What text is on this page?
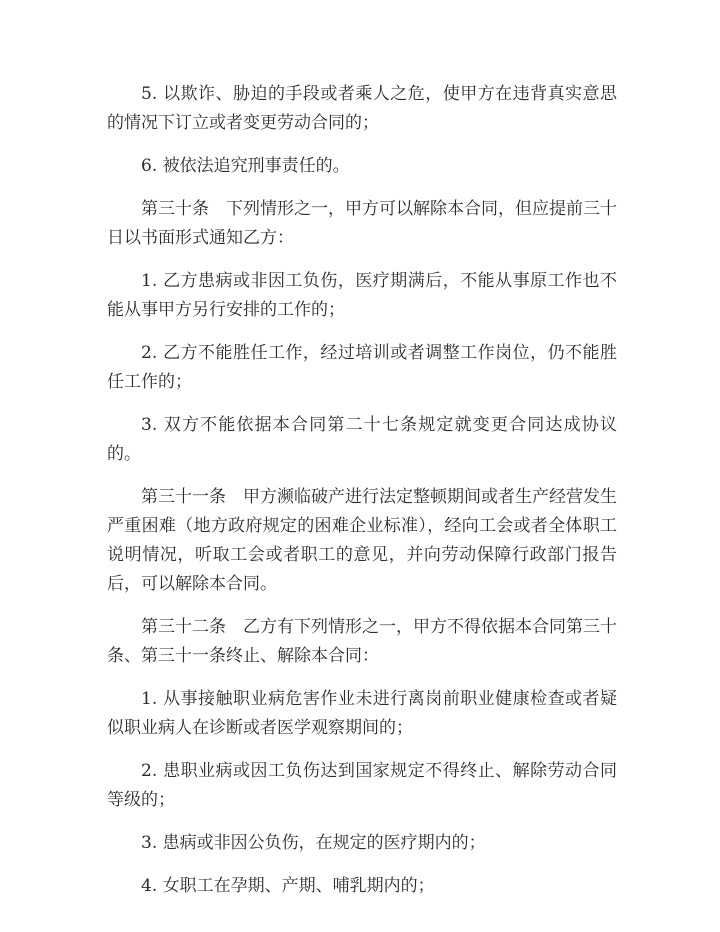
5. 以欺诈、胁迫的手段或者乘人之危，使甲方在违背真实意思的情况下订立或者变更劳动合同的；

6. 被依法追究刑事责任的。

第三十条　下列情形之一，甲方可以解除本合同，但应提前三十日以书面形式通知乙方：

1. 乙方患病或非因工负伤，医疗期满后，不能从事原工作也不能从事甲方另行安排的工作的；

2. 乙方不能胜任工作，经过培训或者调整工作岗位，仍不能胜任工作的；

3. 双方不能依据本合同第二十七条规定就变更合同达成协议的。

第三十一条　甲方濒临破产进行法定整顿期间或者生产经营发生严重困难（地方政府规定的困难企业标准），经向工会或者全体职工说明情况，听取工会或者职工的意见，并向劳动保障行政部门报告后，可以解除本合同。

第三十二条　乙方有下列情形之一，甲方不得依据本合同第三十条、第三十一条终止、解除本合同：

1. 从事接触职业病危害作业未进行离岗前职业健康检查或者疑似职业病人在诊断或者医学观察期间的；

2. 患职业病或因工负伤达到国家规定不得终止、解除劳动合同等级的；

3. 患病或非因公负伤，在规定的医疗期内的；

4. 女职工在孕期、产期、哺乳期内的；
